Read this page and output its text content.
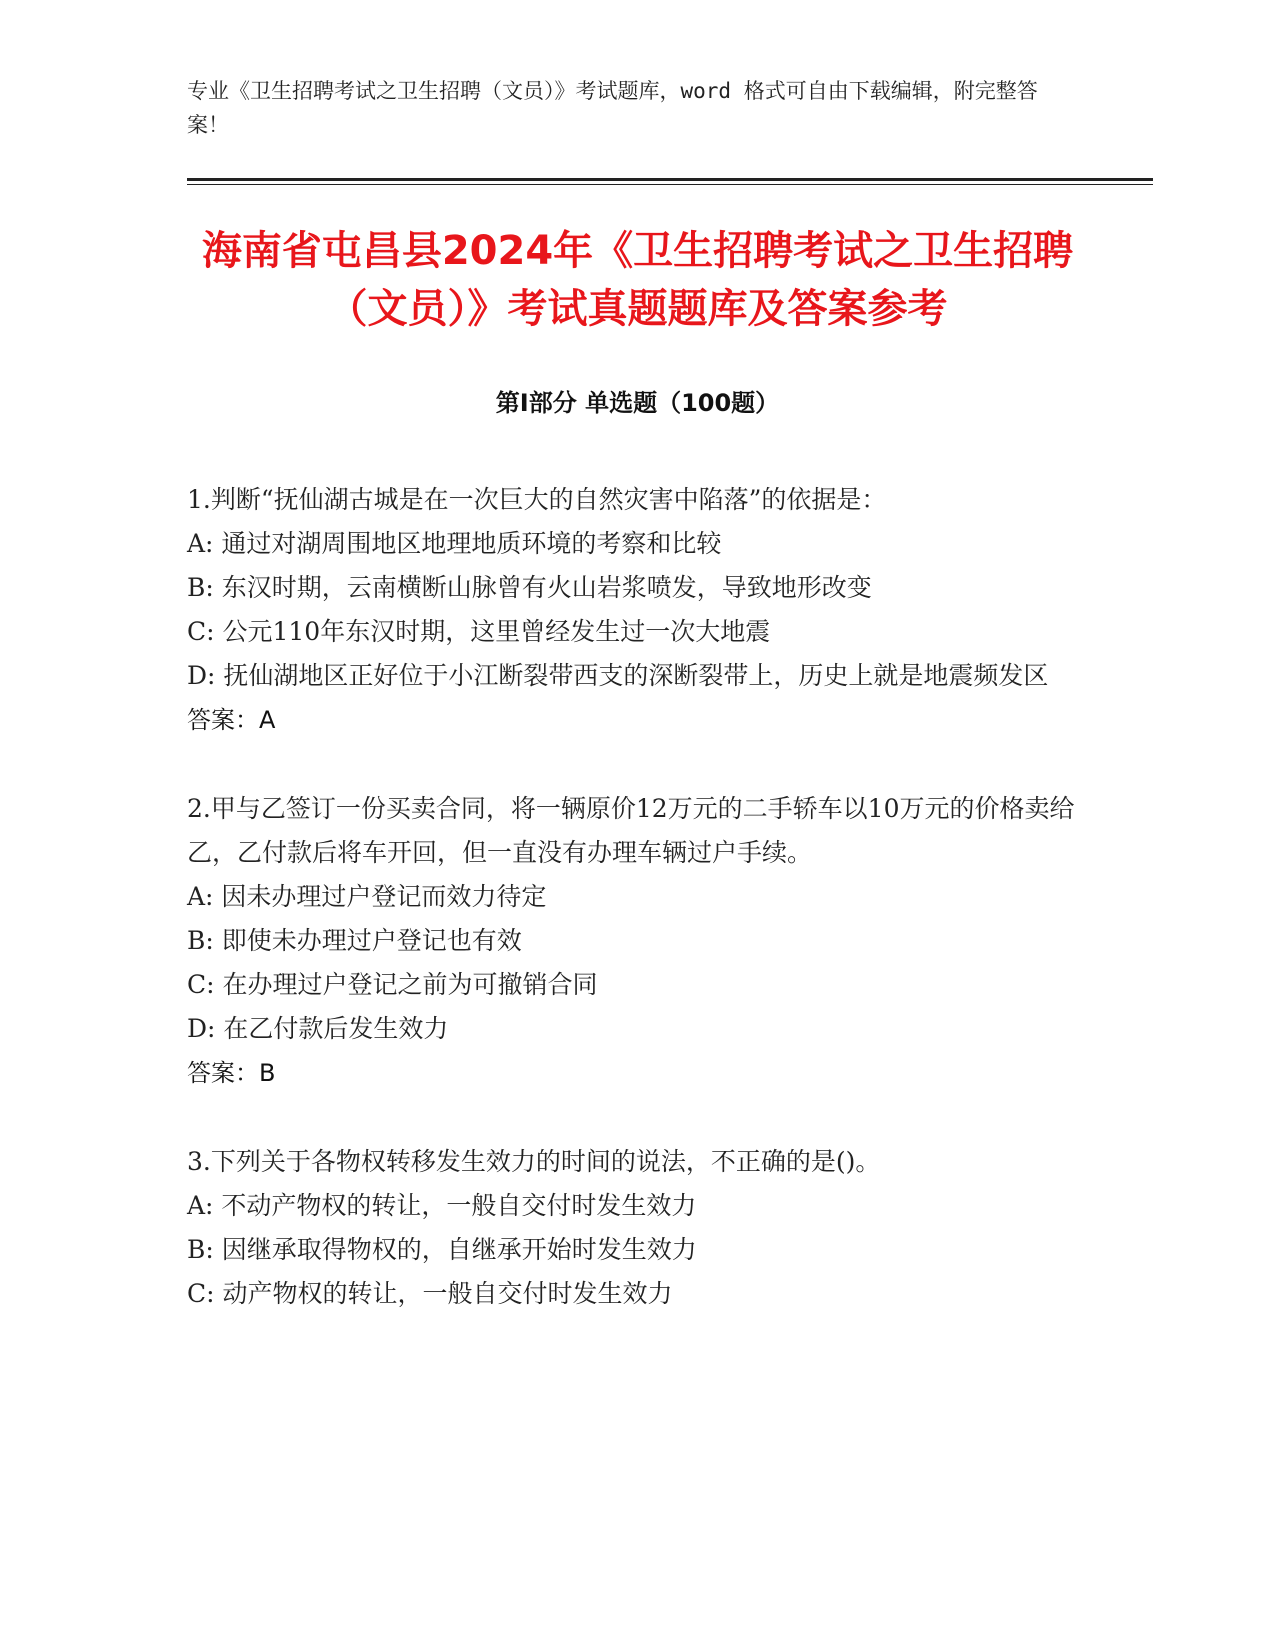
专业《卫生招聘考试之卫生招聘（文员）》考试题库，word 格式可自由下载编辑，附完整答案！
海南省屯昌县2024年《卫生招聘考试之卫生招聘（文员）》考试真题题库及答案参考
第Ⅰ部分 单选题（100题）
1.判断“抚仙湖古城是在一次巨大的自然灾害中陷落”的依据是：
A: 通过对湖周围地区地理地质环境的考察和比较
B: 东汉时期，云南横断山脉曾有火山岩浆喷发，导致地形改变
C: 公元110年东汉时期，这里曾经发生过一次大地震
D: 抚仙湖地区正好位于小江断裂带西支的深断裂带上，历史上就是地震频发区
答案：A
2.甲与乙签订一份买卖合同，将一辆原价12万元的二手轿车以10万元的价格卖给乙，乙付款后将车开回，但一直没有办理车辆过户手续。
A: 因未办理过户登记而效力待定
B: 即使未办理过户登记也有效
C: 在办理过户登记之前为可撤销合同
D: 在乙付款后发生效力
答案：B
3.下列关于各物权转移发生效力的时间的说法，不正确的是()。
A: 不动产物权的转让，一般自交付时发生效力
B: 因继承取得物权的，自继承开始时发生效力
C: 动产物权的转让，一般自交付时发生效力
